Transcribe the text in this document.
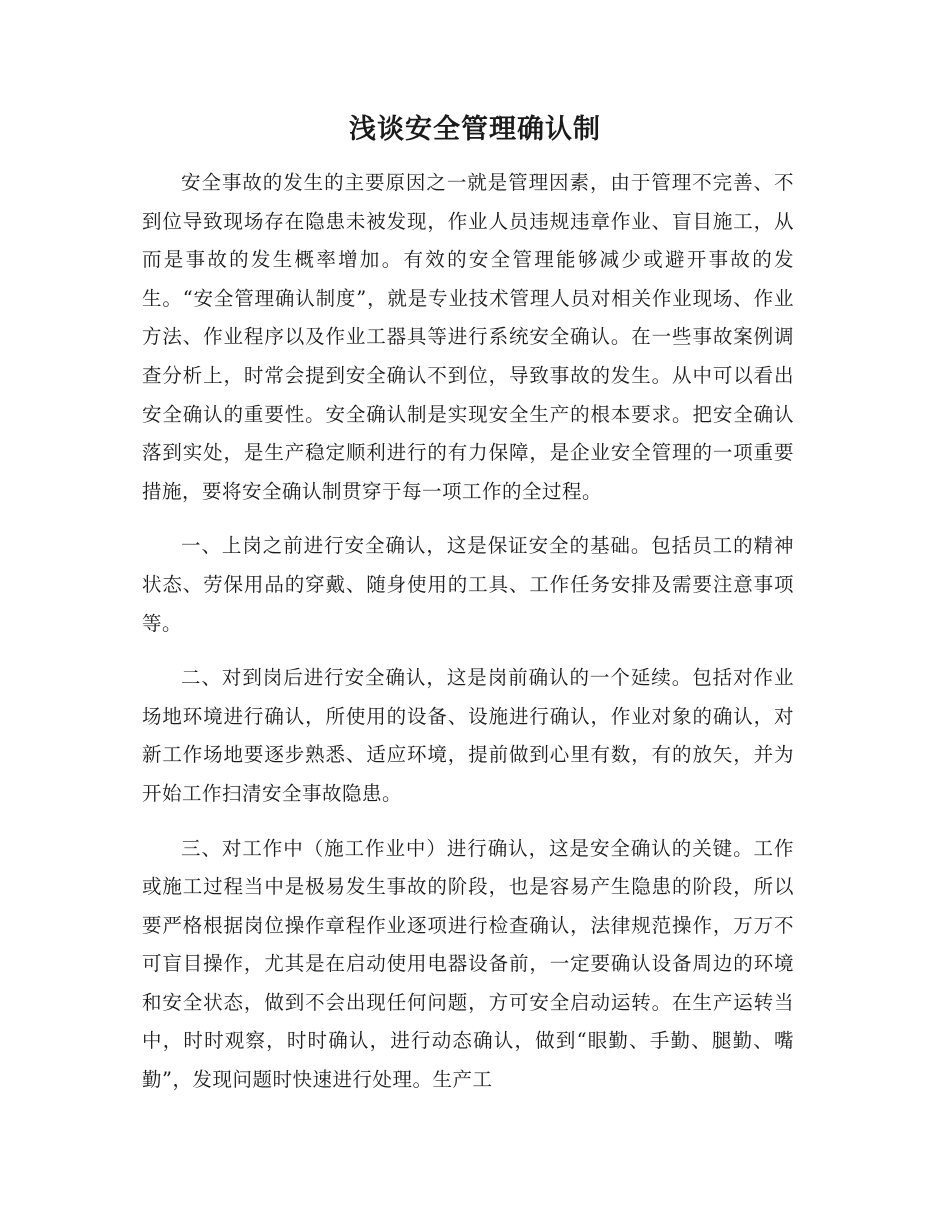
浅谈安全管理确认制

安全事故的发生的主要原因之一就是管理因素，由于管理不完善、不到位导致现场存在隐患未被发现，作业人员违规违章作业、盲目施工，从而是事故的发生概率增加。有效的安全管理能够减少或避开事故的发生。“安全管理确认制度”，就是专业技术管理人员对相关作业现场、作业方法、作业程序以及作业工器具等进行系统安全确认。在一些事故案例调查分析上，时常会提到安全确认不到位，导致事故的发生。从中可以看出安全确认的重要性。安全确认制是实现安全生产的根本要求。把安全确认落到实处，是生产稳定顺利进行的有力保障，是企业安全管理的一项重要措施，要将安全确认制贯穿于每一项工作的全过程。

一、上岗之前进行安全确认，这是保证安全的基础。包括员工的精神状态、劳保用品的穿戴、随身使用的工具、工作任务安排及需要注意事项等。

二、对到岗后进行安全确认，这是岗前确认的一个延续。包括对作业场地环境进行确认，所使用的设备、设施进行确认，作业对象的确认，对新工作场地要逐步熟悉、适应环境，提前做到心里有数，有的放矢，并为开始工作扫清安全事故隐患。

三、对工作中（施工作业中）进行确认，这是安全确认的关键。工作或施工过程当中是极易发生事故的阶段，也是容易产生隐患的阶段，所以要严格根据岗位操作章程作业逐项进行检查确认，法律规范操作，万万不可盲目操作，尤其是在启动使用电器设备前，一定要确认设备周边的环境和安全状态，做到不会出现任何问题，方可安全启动运转。在生产运转当中，时时观察，时时确认，进行动态确认，做到“眼勤、手勤、腿勤、嘴勤”，发现问题时快速进行处理。生产工
